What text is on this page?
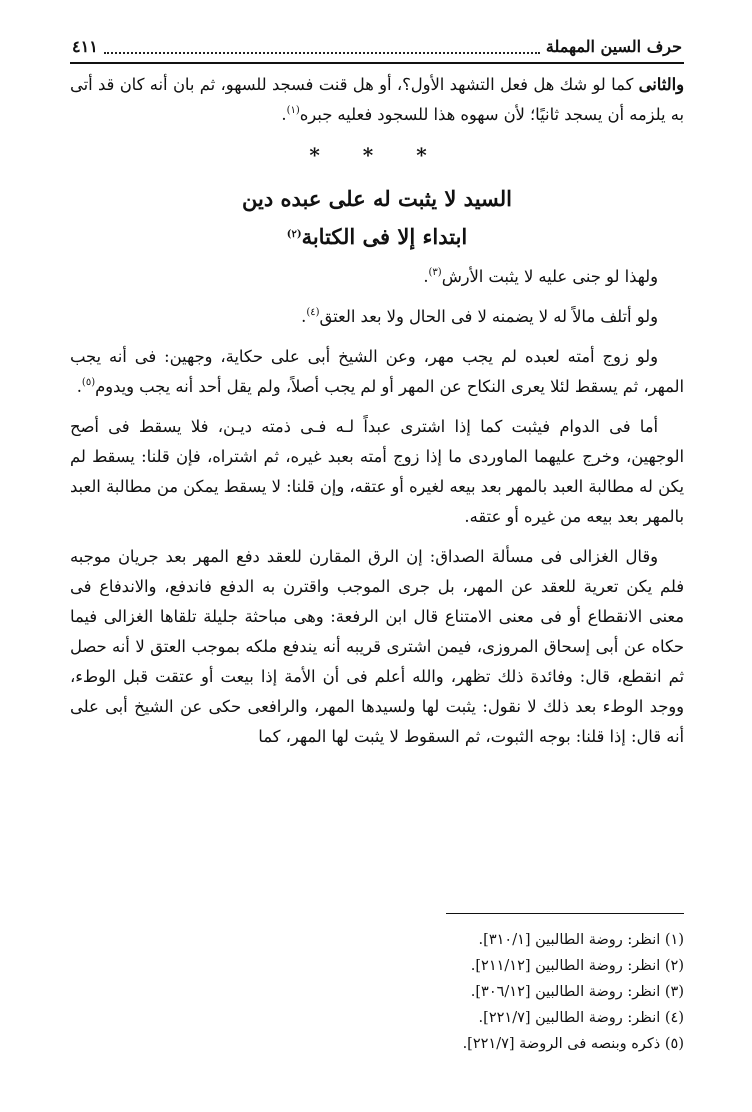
حرف السين المهملة
٤١١

والثانى كما لو شك هل فعل التشهد الأول؟، أو هل قنت فسجد للسهو، ثم بان أنه كان قد أتى به يلزمه أن يسجد ثانيًا؛ لأن سهوه هذا للسجود فعليه جبره$^{(١)}$.

* * *
السيد لا يثبت له على عبده دين
ابتداء إلا فى الكتابة$^{(٢)}$

ولهذا لو جنى عليه لا يثبت الأرش$^{(٣)}$.

ولو أتلف مالاً له لا يضمنه لا فى الحال ولا بعد العتق$^{(٤)}$.

ولو زوج أمته لعبده لم يجب مهر، وعن الشيخ أبى على حكاية، وجهين: فى أنه يجب المهر، ثم يسقط لئلا يعرى النكاح عن المهر أو لم يجب أصلاً، ولم يقل أحد أنه يجب ويدوم$^{(٥)}$.

أما فى الدوام فيثبت كما إذا اشترى عبداً لـه فـى ذمته ديـن، فلا يسقط فى أصح الوجهين، وخرج عليهما الماوردى ما إذا زوج أمته بعبد غيره، ثم اشتراه، فإن قلنا: يسقط لم يكن له مطالبة العبد بالمهر بعد بيعه لغيره أو عتقه، وإن قلنا: لا يسقط يمكن من مطالبة العبد بالمهر بعد بيعه من غيره أو عتقه.

وقال الغزالى فى مسألة الصداق: إن الرق المقارن للعقد دفع المهر بعد جريان موجبه فلم يكن تعرية للعقد عن المهر، بل جرى الموجب واقترن به الدفع فاندفع، والاندفاع فى معنى الانقطاع أو فى معنى الامتناع قال ابن الرفعة: وهى مباحثة جليلة تلقاها الغزالى فيما حكاه عن أبى إسحاق المروزى، فيمن اشترى قريبه أنه يندفع ملكه بموجب العتق لا أنه حصل ثم انقطع، قال: وفائدة ذلك تظهر، والله أعلم فى أن الأمة إذا بيعت أو عتقت قبل الوطء، ووجد الوطء بعد ذلك لا نقول: يثبت لها ولسيدها المهر، والرافعى حكى عن الشيخ أبى على أنه قال: إذا قلنا: بوجه الثبوت، ثم السقوط لا يثبت لها المهر، كما

(١) انظر: روضة الطالبين [٣١٠/١].

(٢) انظر: روضة الطالبين [٢١١/١٢].

(٣) انظر: روضة الطالبين [٣٠٦/١٢].

(٤) انظر: روضة الطالبين [٢٢١/٧].

(٥) ذكره وبنصه فى الروضة [٢٢١/٧].
